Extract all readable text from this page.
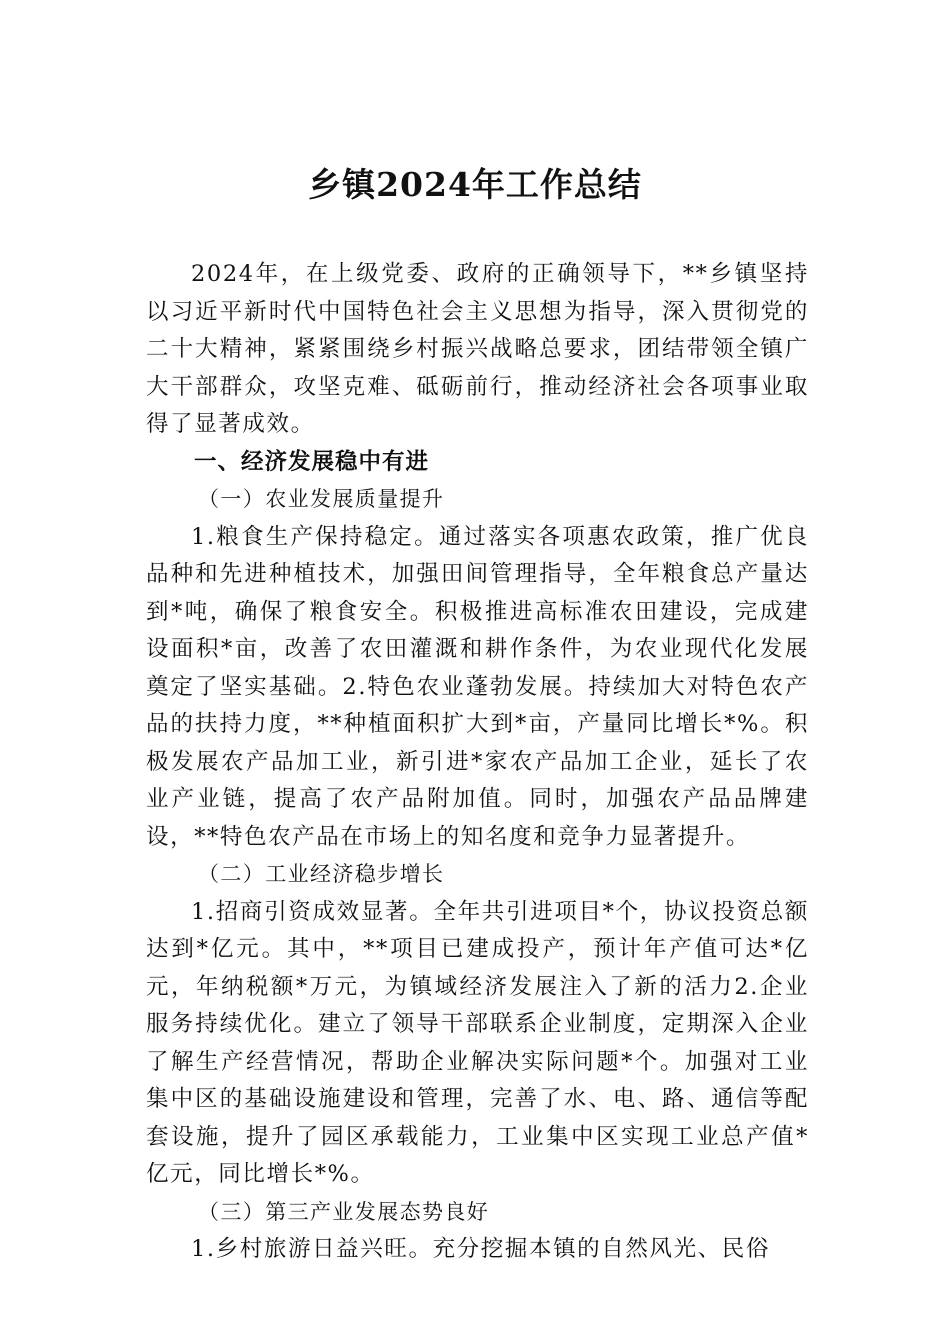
乡镇2024年工作总结

2024年，在上级党委、政府的正确领导下，**乡镇坚持以习近平新时代中国特色社会主义思想为指导，深入贯彻党的二十大精神，紧紧围绕乡村振兴战略总要求，团结带领全镇广大干部群众，攻坚克难、砥砺前行，推动经济社会各项事业取得了显著成效。

一、经济发展稳中有进

（一）农业发展质量提升

1.粮食生产保持稳定。通过落实各项惠农政策，推广优良品种和先进种植技术，加强田间管理指导，全年粮食总产量达到*吨，确保了粮食安全。积极推进高标准农田建设，完成建设面积*亩，改善了农田灌溉和耕作条件，为农业现代化发展奠定了坚实基础。2.特色农业蓬勃发展。持续加大对特色农产品的扶持力度，**种植面积扩大到*亩，产量同比增长*%。积极发展农产品加工业，新引进*家农产品加工企业，延长了农业产业链，提高了农产品附加值。同时，加强农产品品牌建设，**特色农产品在市场上的知名度和竞争力显著提升。

（二）工业经济稳步增长

1.招商引资成效显著。全年共引进项目*个，协议投资总额达到*亿元。其中，**项目已建成投产，预计年产值可达*亿元，年纳税额*万元，为镇域经济发展注入了新的活力2.企业服务持续优化。建立了领导干部联系企业制度，定期深入企业了解生产经营情况，帮助企业解决实际问题*个。加强对工业集中区的基础设施建设和管理，完善了水、电、路、通信等配套设施，提升了园区承载能力，工业集中区实现工业总产值*亿元，同比增长*%。

（三）第三产业发展态势良好

1.乡村旅游日益兴旺。充分挖掘本镇的自然风光、民俗
